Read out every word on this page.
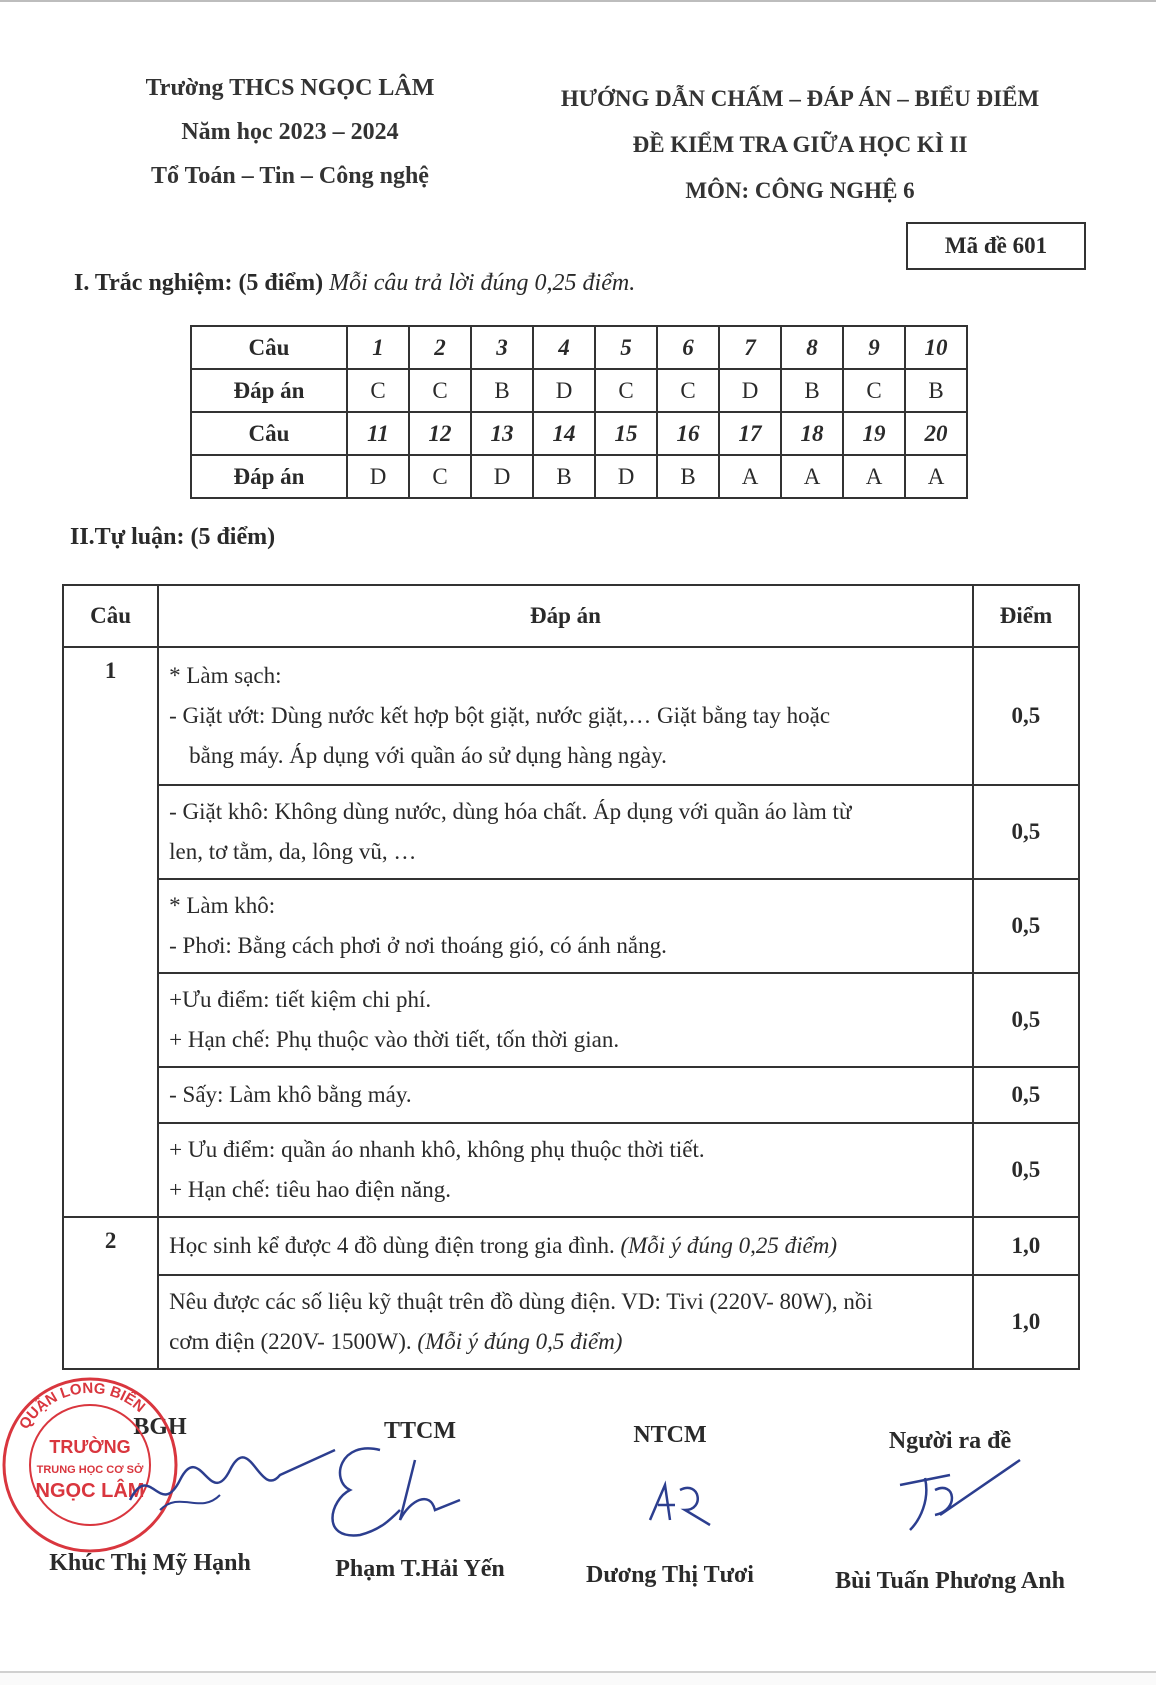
Trường THCS NGỌC LÂM
Năm học 2023 – 2024
Tổ Toán – Tin – Công nghệ
HƯỚNG DẪN CHẤM – ĐÁP ÁN – BIỂU ĐIỂM
ĐỀ KIỂM TRA GIỮA HỌC KÌ II
MÔN: CÔNG NGHỆ 6
Mã đề 601
I. Trắc nghiệm: (5 điểm) Mỗi câu trả lời đúng 0,25 điểm.
Câu	1	2	3	4	5	6	7	8	9	10
Đáp án	C	C	B	D	C	C	D	B	C	B
Câu	11	12	13	14	15	16	17	18	19	20
Đáp án	D	C	D	B	D	B	A	A	A	A
II.Tự luận: (5 điểm)
Câu	Đáp án	Điểm
1	* Làm sạch:
- Giặt ướt: Dùng nước kết hợp bột giặt, nước giặt,… Giặt bằng tay hoặc
bằng máy. Áp dụng với quần áo sử dụng hàng ngày.	0,5

	- Giặt khô: Không dùng nước, dùng hóa chất. Áp dụng với quần áo làm từ
len, tơ tằm, da, lông vũ, …	0,5

	* Làm khô:
- Phơi: Bằng cách phơi ở nơi thoáng gió, có ánh nắng.	0,5

	+Ưu điểm: tiết kiệm chi phí.
+ Hạn chế: Phụ thuộc vào thời tiết, tốn thời gian.	0,5

	- Sấy: Làm khô bằng máy.	0,5

	+ Ưu điểm: quần áo nhanh khô, không phụ thuộc thời tiết.
+ Hạn chế: tiêu hao điện năng.	0,5
2	Học sinh kể được 4 đồ dùng điện trong gia đình. (Mỗi ý đúng 0,25 điểm)	1,0

	Nêu được các số liệu kỹ thuật trên đồ dùng điện. VD: Tivi (220V- 80W), nồi
cơm điện (220V- 1500W). (Mỗi ý đúng 0,5 điểm)	1,0
BGH	TTCM	NTCM	Người ra đề
QUẬN LONG BIÊN
TRƯỜNG
TRUNG HỌC CƠ SỞ
NGỌC LÂM
Khúc Thị Mỹ Hạnh	Phạm T.Hải Yến	Dương Thị Tươi	Bùi Tuấn Phương Anh
